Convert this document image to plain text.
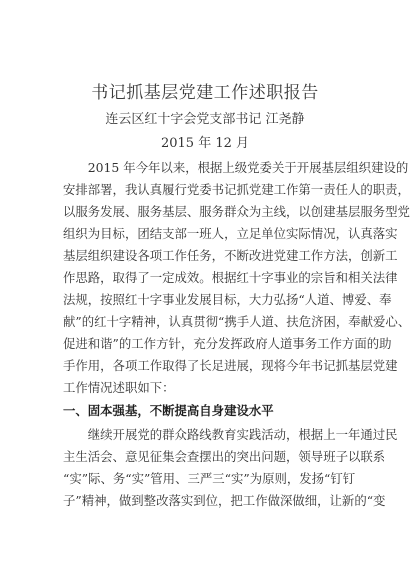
书记抓基层党建工作述职报告
连云区红十字会党支部书记 江尧静
2015 年 12 月
　　2015 年今年以来，根据上级党委关于开展基层组织建设的
安排部署，我认真履行党委书记抓党建工作第一责任人的职责，
以服务发展、服务基层、服务群众为主线，以创建基层服务型党
组织为目标，团结支部一班人，立足单位实际情况，认真落实
基层组织建设各项工作任务，不断改进党建工作方法，创新工
作思路，取得了一定成效。根据红十字事业的宗旨和相关法律
法规，按照红十字事业发展目标，大力弘扬“人道、博爱、奉
献”的红十字精神，认真贯彻“携手人道、扶危济困，奉献爱心、
促进和谐”的工作方针，充分发挥政府人道事务工作方面的助
手作用，各项工作取得了长足进展，现将今年书记抓基层党建
工作情况述职如下：
一、固本强基，不断提高自身建设水平
　　继续开展党的群众路线教育实践活动，根据上一年通过民
主生活会、意见征集会查摆出的突出问题，领导班子以联系
“实”际、务“实”管用、三严三“实”为原则，发扬“钉钉
子”精神，做到整改落实到位，把工作做深做细，让新的“变
